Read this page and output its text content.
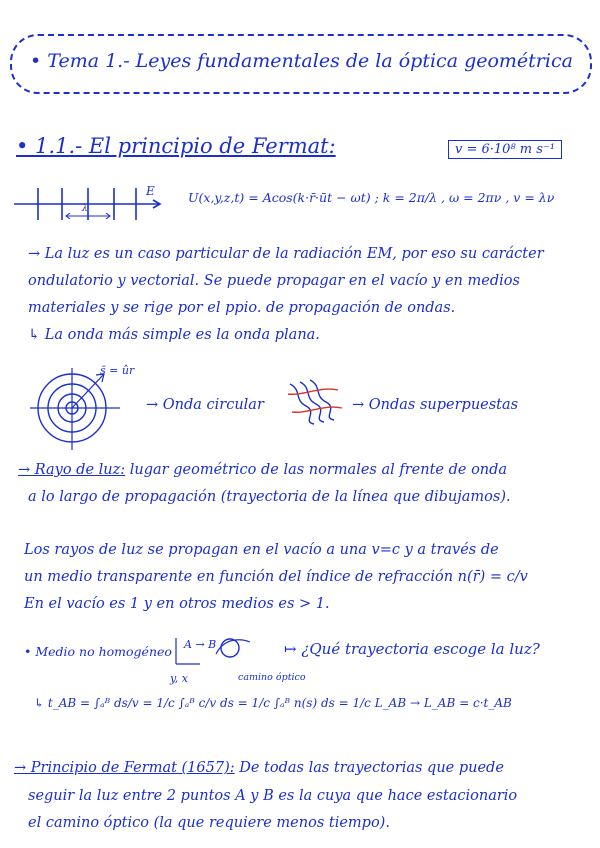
• Tema 1.- Leyes fundamentales de la óptica geométrica
• 1.1.- El principio de Fermat:	v = 6·10⁸ m s⁻¹
E
λ
U(x,y,z,t) = Acos(k·r̄·ūt − ωt) ; k = 2π/λ , ω = 2πν , v = λν
→ La luz es un caso particular de la radiación EM, por eso su carácter
ondulatorio y vectorial. Se puede propagar en el vacío y en medios
materiales y se rige por el ppio. de propagación de ondas.
↳ La onda más simple es la onda plana.
s̄ = ûr
→ Onda circular	→ Ondas superpuestas
→ Rayo de luz: lugar geométrico de las normales al frente de onda
a lo largo de propagación (trayectoria de la línea que dibujamos).
Los rayos de luz se propagan en el vacío a una v=c y a través de
un medio transparente en función del índice de refracción n(r̄) = c/v
En el vacío es 1 y en otros medios es > 1.
• Medio no homogéneo A → B
y, x
↦ ¿Qué trayectoria escoge la luz?
camino óptico
↳ t_AB = ∫ₐᴮ ds/v = 1/c ∫ₐᴮ c/v ds = 1/c ∫ₐᴮ n(s) ds = 1/c L_AB → L_AB = c·t_AB
→ Principio de Fermat (1657): De todas las trayectorias que puede
seguir la luz entre 2 puntos A y B es la cuya que hace estacionario
el camino óptico (la que requiere menos tiempo).
